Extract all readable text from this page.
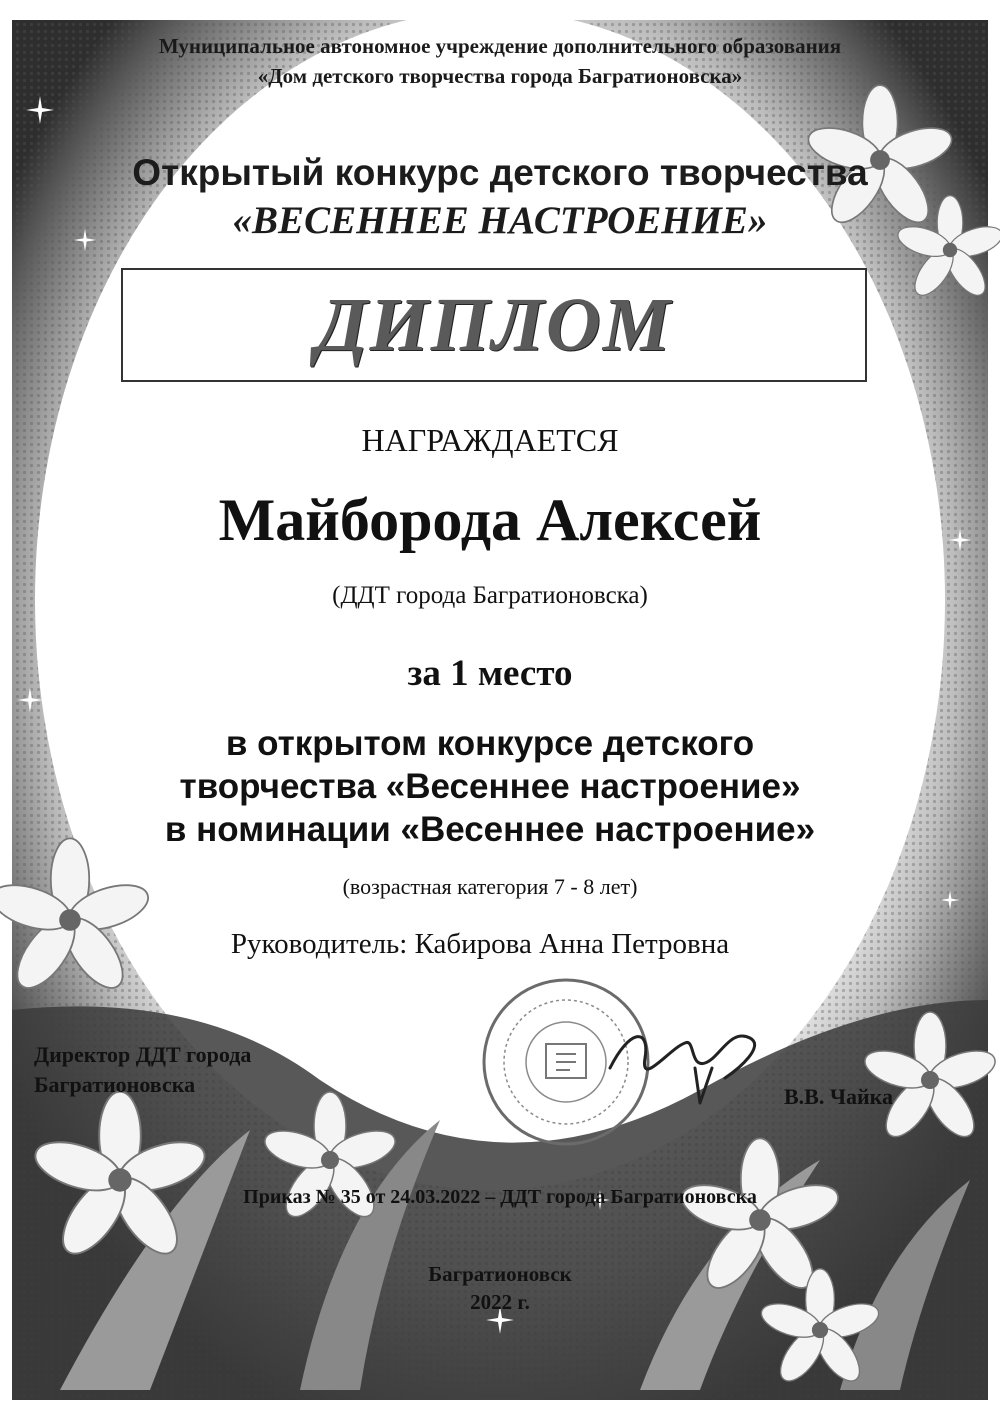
Муниципальное автономное учреждение дополнительного образования
«Дом детского творчества города Багратионовска»
Открытый конкурс детского творчества
«ВЕСЕННЕЕ НАСТРОЕНИЕ»
ДИПЛОМ
НАГРАЖДАЕТСЯ
Майборода Алексей
(ДДТ города Багратионовска)
за 1 место
в открытом конкурсе детского
творчества «Весеннее настроение»
в номинации «Весеннее настроение»
(возрастная категория 7 - 8 лет)
Руководитель: Кабирова Анна Петровна
Директор ДДТ города
Багратионовска	В.В. Чайка
Приказ № 35 от 24.03.2022 – ДДТ города Багратионовска
Багратионовск
2022 г.
